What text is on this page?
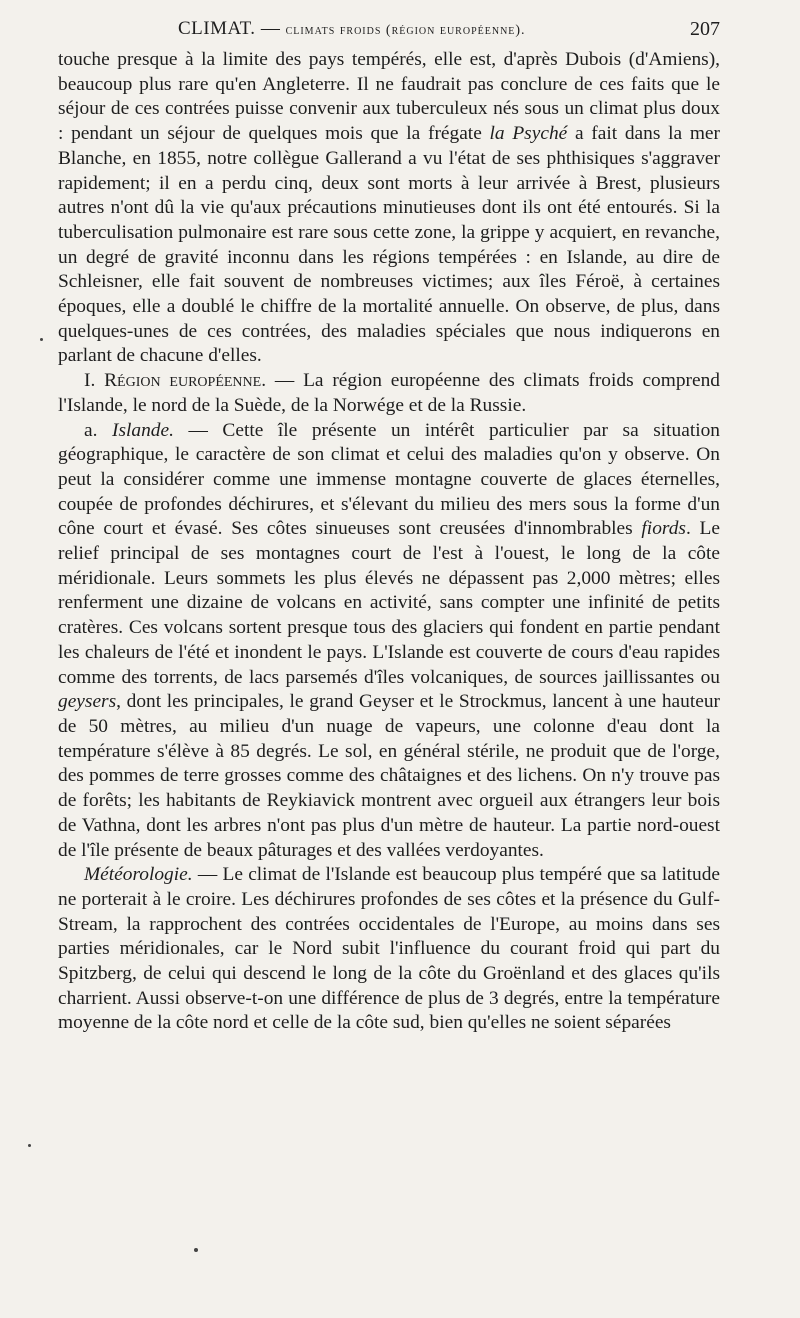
CLIMAT. — climats froids (région européenne).	207

touche presque à la limite des pays tempérés, elle est, d'après Dubois (d'Amiens), beaucoup plus rare qu'en Angleterre. Il ne faudrait pas conclure de ces faits que le séjour de ces contrées puisse convenir aux tuberculeux nés sous un climat plus doux : pendant un séjour de quelques mois que la frégate la Psyché a fait dans la mer Blanche, en 1855, notre collègue Gallerand a vu l'état de ses phthisiques s'aggraver rapidement; il en a perdu cinq, deux sont morts à leur arrivée à Brest, plusieurs autres n'ont dû la vie qu'aux précautions minutieuses dont ils ont été entourés. Si la tuberculisation pulmonaire est rare sous cette zone, la grippe y acquiert, en revanche, un degré de gravité inconnu dans les régions tempérées : en Islande, au dire de Schleisner, elle fait souvent de nombreuses victimes; aux îles Féroë, à certaines époques, elle a doublé le chiffre de la mortalité annuelle. On observe, de plus, dans quelques-unes de ces contrées, des maladies spéciales que nous indiquerons en parlant de chacune d'elles.

I. Région européenne. — La région européenne des climats froids comprend l'Islande, le nord de la Suède, de la Norwége et de la Russie.

a. Islande. — Cette île présente un intérêt particulier par sa situation géographique, le caractère de son climat et celui des maladies qu'on y observe. On peut la considérer comme une immense montagne couverte de glaces éternelles, coupée de profondes déchirures, et s'élevant du milieu des mers sous la forme d'un cône court et évasé. Ses côtes sinueuses sont creusées d'innombrables fiords. Le relief principal de ses montagnes court de l'est à l'ouest, le long de la côte méridionale. Leurs sommets les plus élevés ne dépassent pas 2,000 mètres; elles renferment une dizaine de volcans en activité, sans compter une infinité de petits cratères. Ces volcans sortent presque tous des glaciers qui fondent en partie pendant les chaleurs de l'été et inondent le pays. L'Islande est couverte de cours d'eau rapides comme des torrents, de lacs parsemés d'îles volcaniques, de sources jaillissantes ou geysers, dont les principales, le grand Geyser et le Strockmus, lancent à une hauteur de 50 mètres, au milieu d'un nuage de vapeurs, une colonne d'eau dont la température s'élève à 85 degrés. Le sol, en général stérile, ne produit que de l'orge, des pommes de terre grosses comme des châtaignes et des lichens. On n'y trouve pas de forêts; les habitants de Reykiavick montrent avec orgueil aux étrangers leur bois de Vathna, dont les arbres n'ont pas plus d'un mètre de hauteur. La partie nord-ouest de l'île présente de beaux pâturages et des vallées verdoyantes.

Météorologie. — Le climat de l'Islande est beaucoup plus tempéré que sa latitude ne porterait à le croire. Les déchirures profondes de ses côtes et la présence du Gulf-Stream, la rapprochent des contrées occidentales de l'Europe, au moins dans ses parties méridionales, car le Nord subit l'influence du courant froid qui part du Spitzberg, de celui qui descend le long de la côte du Groënland et des glaces qu'ils charrient. Aussi observe-t-on une différence de plus de 3 degrés, entre la température moyenne de la côte nord et celle de la côte sud, bien qu'elles ne soient séparées
